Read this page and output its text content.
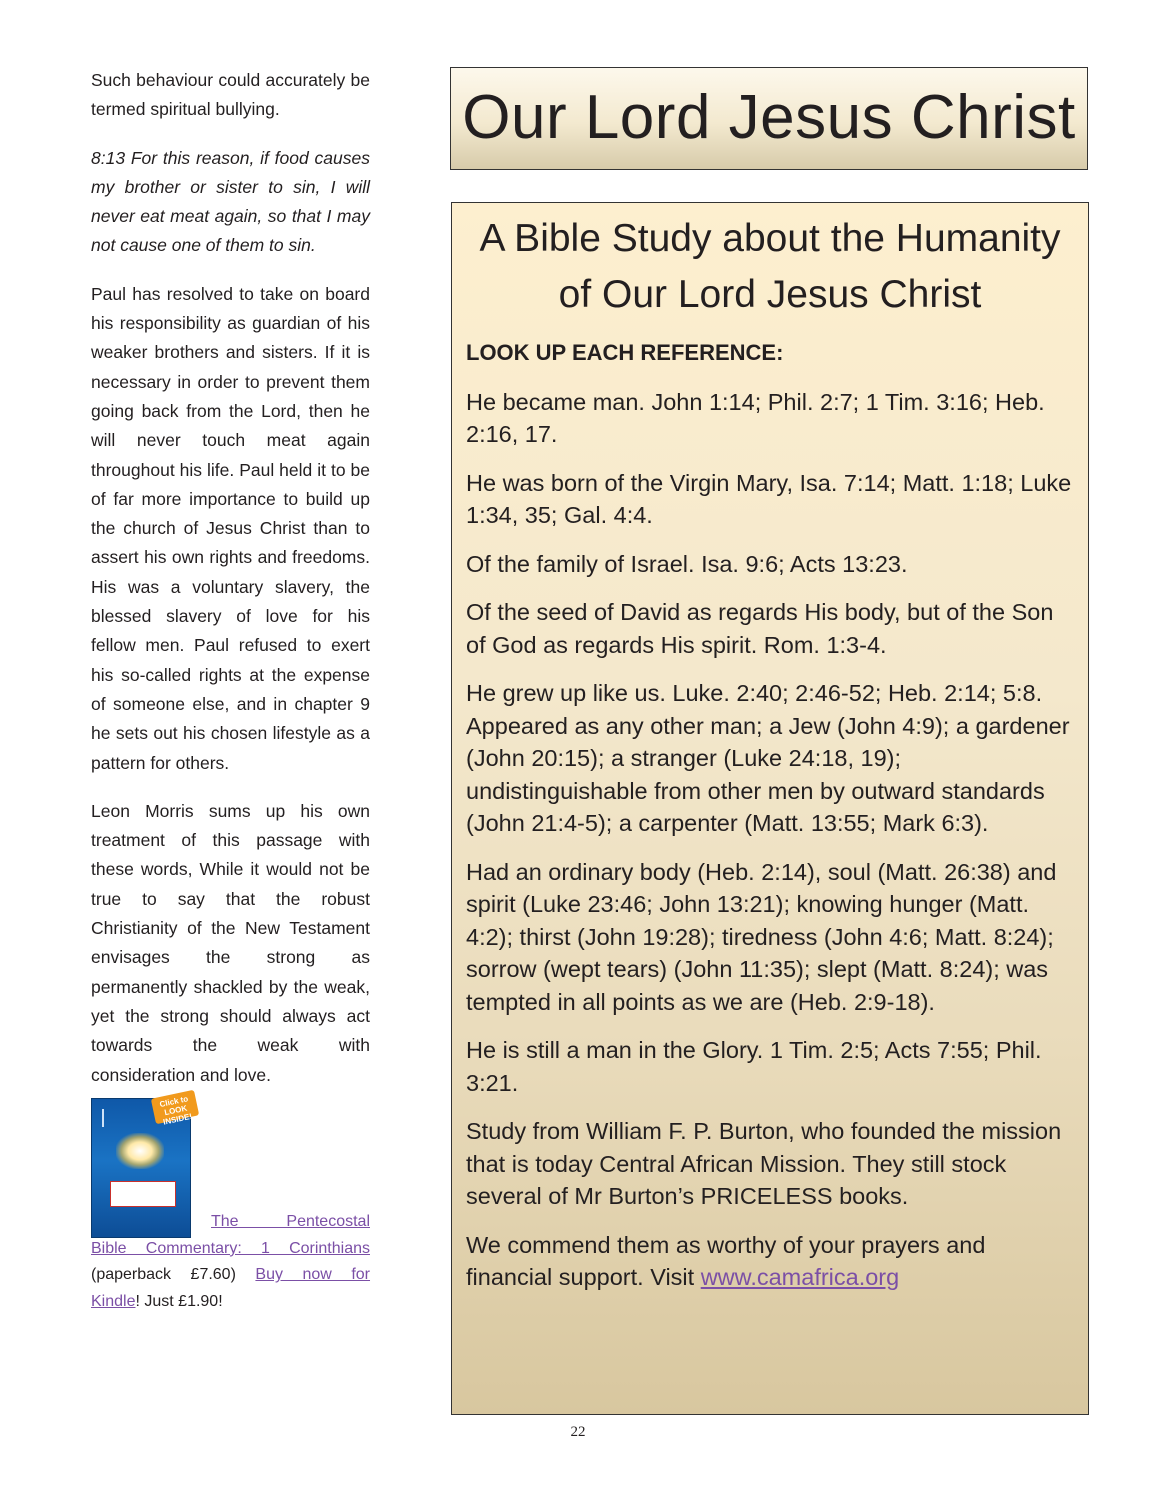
Such behaviour could accurately be termed spiritual bullying.

8:13 For this reason, if food causes my brother or sister to sin, I will never eat meat again, so that I may not cause one of them to sin.

Paul has resolved to take on board his responsibility as guardian of his weaker brothers and sisters. If it is necessary in order to prevent them going back from the Lord, then he will never touch meat again throughout his life. Paul held it to be of far more importance to build up the church of Jesus Christ than to assert his own rights and freedoms. His was a voluntary slavery, the blessed slavery of love for his fellow men. Paul refused to exert his so-called rights at the expense of someone else, and in chapter 9 he sets out his chosen lifestyle as a pattern for others.

Leon Morris sums up his own treatment of this passage with these words, While it would not be true to say that the robust Christianity of the New Testament envisages the strong as permanently shackled by the weak, yet the strong should always act towards the weak with consideration and love.

Click to LOOK INSIDE!
The Pentecostal
Bible Commentary: 1 Corinthians
(paperback £7.60) Buy now for
Kindle! Just £1.90!
Our Lord Jesus Christ
A Bible Study about the Humanity of Our Lord Jesus Christ

LOOK UP EACH REFERENCE:

He became man. John 1:14; Phil. 2:7; 1 Tim. 3:16; Heb. 2:16, 17.

He was born of the Virgin Mary, Isa. 7:14; Matt. 1:18; Luke 1:34, 35; Gal. 4:4.

Of the family of Israel. Isa. 9:6; Acts 13:23.

Of the seed of David as regards His body, but of the Son of God as regards His spirit. Rom. 1:3-4.

He grew up like us. Luke. 2:40; 2:46-52; Heb. 2:14; 5:8. Appeared as any other man; a Jew (John 4:9); a gardener (John 20:15); a stranger (Luke 24:18, 19); undistinguishable from other men by outward standards (John 21:4-5); a carpenter (Matt. 13:55; Mark 6:3).

Had an ordinary body (Heb. 2:14), soul (Matt. 26:38) and spirit (Luke 23:46; John 13:21); knowing hunger (Matt. 4:2); thirst (John 19:28); tiredness (John 4:6; Matt. 8:24); sorrow (wept tears) (John 11:35); slept (Matt. 8:24); was tempted in all points as we are (Heb. 2:9-18).

He is still a man in the Glory. 1 Tim. 2:5; Acts 7:55; Phil. 3:21.

Study from William F. P. Burton, who founded the mission that is today Central African Mission. They still stock several of Mr Burton’s PRICELESS books.

We commend them as worthy of your prayers and financial support. Visit www.camafrica.org

22
